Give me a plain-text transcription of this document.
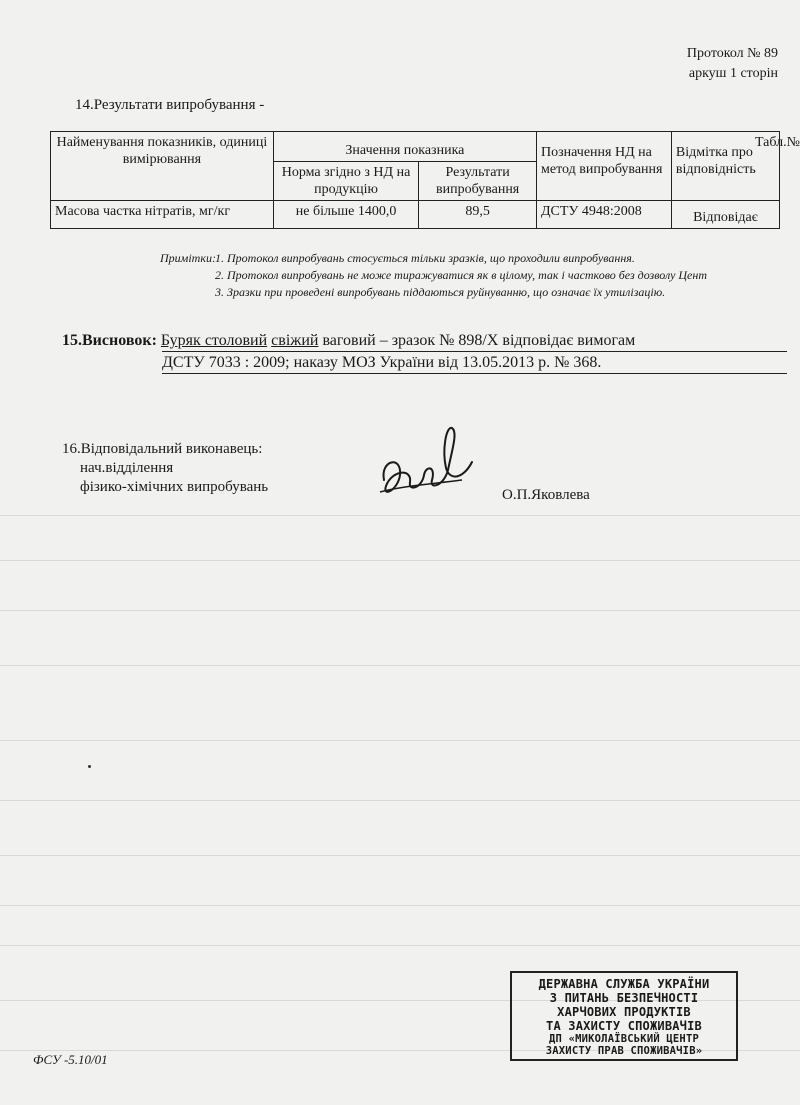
Протокол № 89
аркуш 1 сторін
14.Результати випробування -
Табл.№
Найменування показників, одиниці вимірювання	Значення показника		Позначення НД на метод випробування	Відмітка про відповідність
	Норма згідно з НД на продукцію	Результати випробування		
Масова частка нітратів, мг/кг	не більше 1400,0	89,5	ДСТУ 4948:2008	Відповідає
Примітки: 1. Протокол випробувань стосується тільки зразків, що проходили випробування.
2. Протокол випробувань не може тиражуватися як в цілому, так і частково без дозволу Цент
3. Зразки при проведені випробувань піддаються руйнуванню, що означає їх утилізацію.
15.Висновок: Буряк столовий свіжий ваговий – зразок № 898/Х відповідає вимогам
ДСТУ 7033 : 2009; наказу МОЗ України від 13.05.2013 р. № 368.
16.Відповідальний виконавець:
нач.відділення
фізико-хімічних випробувань	О.П.Яковлева
ДЕРЖАВНА СЛУЖБА УКРАЇНИ
З ПИТАНЬ БЕЗПЕЧНОСТІ
ХАРЧОВИХ ПРОДУКТІВ
ТА ЗАХИСТУ СПОЖИВАЧІВ
ДП «МИКОЛАЇВСЬКИЙ ЦЕНТР
ЗАХИСТУ ПРАВ СПОЖИВАЧІВ»
ФСУ -5.10/01
